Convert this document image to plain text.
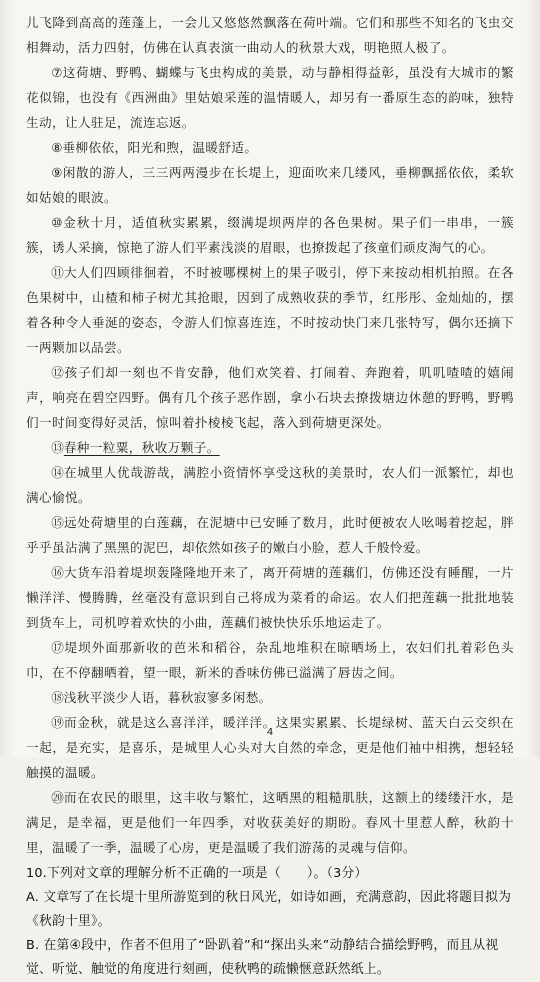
儿飞降到高高的莲蓬上，一会儿又悠悠然飘落在荷叶端。它们和那些不知名的飞虫交相舞动，活力四射，仿佛在认真表演一曲动人的秋景大戏，明艳照人极了。

⑦这荷塘、野鸭、蝴蝶与飞虫构成的美景，动与静相得益彰，虽没有大城市的繁花似锦，也没有《西洲曲》里姑娘采莲的温情暖人，却另有一番原生态的韵味，独特生动，让人驻足，流连忘返。

⑧垂柳依依，阳光和煦，温暖舒适。

⑨闲散的游人，三三两两漫步在长堤上，迎面吹来几缕风，垂柳飘摇依依，柔软如姑娘的眼波。

⑩金秋十月，适值秋实累累，缀满堤坝两岸的各色果树。果子们一串串，一簇簇，诱人采摘，惊艳了游人们平素浅淡的眉眼，也撩拨起了孩童们顽皮淘气的心。

⑪大人们四顾徘徊着，不时被哪棵树上的果子吸引，停下来按动相机拍照。在各色果树中，山楂和柿子树尤其抢眼，因到了成熟收获的季节，红彤彤、金灿灿的，摆着各种令人垂涎的姿态，令游人们惊喜连连，不时按动快门来几张特写，偶尔还摘下一两颗加以品尝。

⑫孩子们却一刻也不肯安静，他们欢笑着、打闹着、奔跑着，叽叽喳喳的嬉闹声，响亮在碧空四野。偶有几个孩子恶作剧，拿小石块去撩拨塘边休憩的野鸭，野鸭们一时间变得好灵活，惊叫着扑棱棱飞起，落入到荷塘更深处。

⑬春种一粒粟，秋收万颗子。

⑭在城里人优哉游哉，满腔小资情怀享受这秋的美景时，农人们一派繁忙，却也满心愉悦。

⑮远处荷塘里的白莲藕，在泥塘中已安睡了数月，此时便被农人吆喝着挖起，胖乎乎虽沾满了黑黑的泥巴，却依然如孩子的嫩白小脸，惹人千般怜爱。

⑯大货车沿着堤坝轰隆隆地开来了，离开荷塘的莲藕们，仿佛还没有睡醒，一片懒洋洋、慢腾腾，丝毫没有意识到自己将成为菜肴的命运。农人们把莲藕一批批地装到货车上，司机哼着欢快的小曲，莲藕们被快快乐乐地运走了。

⑰堤坝外面那新收的芭米和稻谷，杂乱地堆积在晾晒场上，农妇们扎着彩色头巾，在不停翻晒着，望一眼，新米的香味仿佛已溢满了唇齿之间。

⑱浅秋平淡少人语，暮秋寂寥多闲愁。

⑲而金秋，就是这么喜洋洋，暖洋洋。这果实累累、长堤绿树、蓝天白云交织在一起，是充实，是喜乐，是城里人心头对大自然的牵念，更是他们袖中相携，想轻轻触摸的温暖。

⑳而在农民的眼里，这丰收与繁忙，这晒黑的粗糙肌肤，这额上的缕缕汗水，是满足，是幸福，更是他们一年四季，对收获美好的期盼。春风十里惹人醉，秋韵十里，温暖了一季，温暖了心房，更是温暖了我们游荡的灵魂与信仰。

10.下列对文章的理解分析不正确的一项是（　　）。（3分）

A. 文章写了在长堤十里所游览到的秋日风光，如诗如画，充满意韵，因此将题目拟为《秋韵十里》。

B. 在第④段中，作者不但用了“卧趴着”和“探出头来”动静结合描绘野鸭，而且从视觉、听觉、触觉的角度进行刻画，使秋鸭的疏懒惬意跃然纸上。

4
